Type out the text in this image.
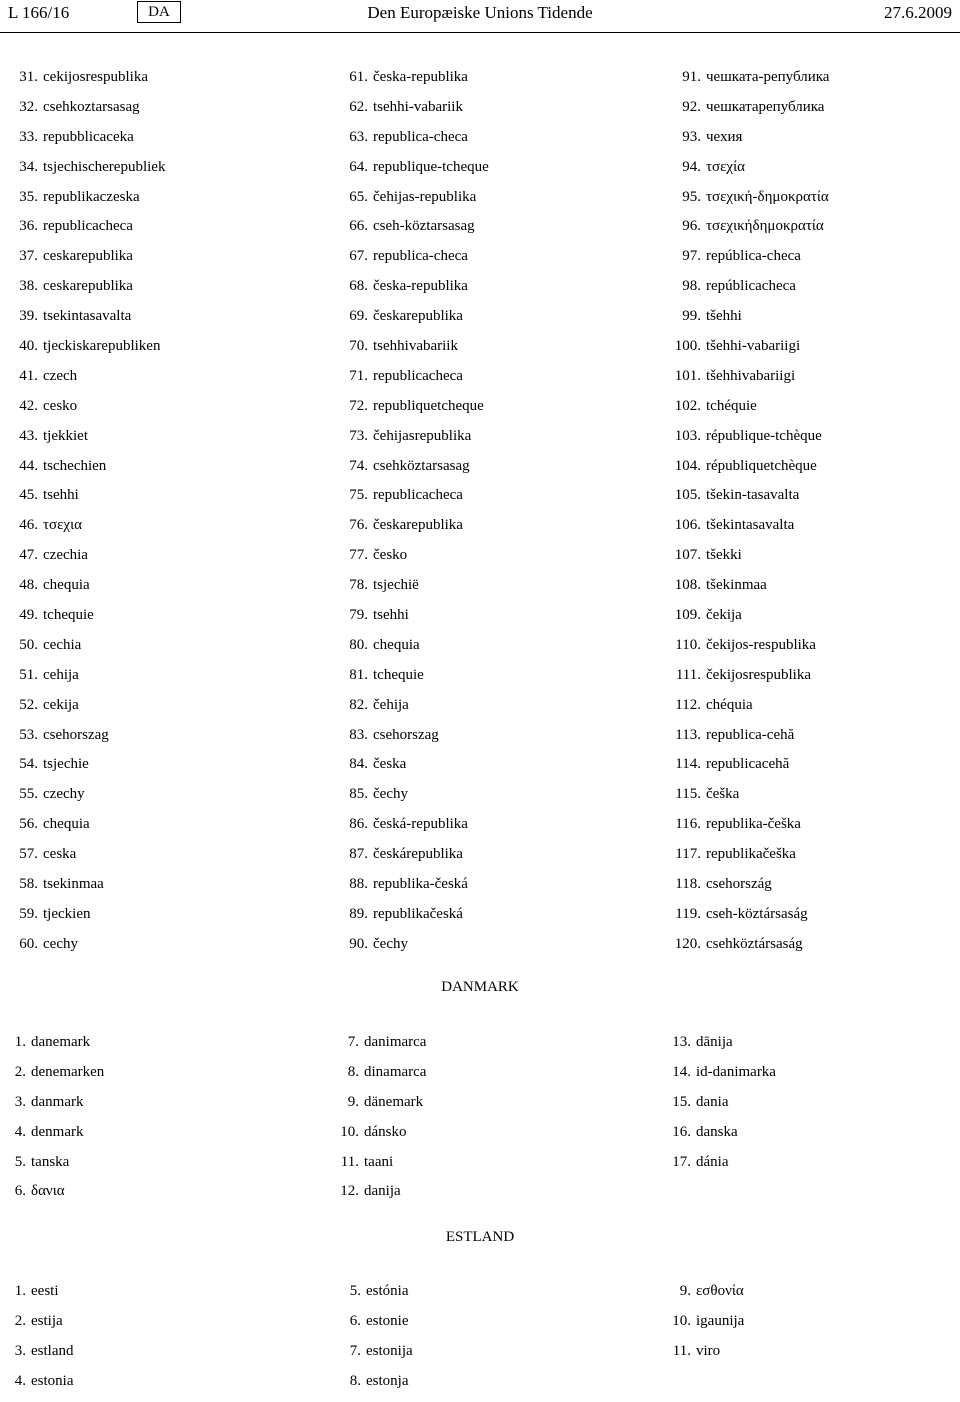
L 166/16	Den Europæiske Unions Tidende
DA	27.6.2009
31. cekijosrespublika
32. csehkoztarsasag
33. repubblicaceka
34. tsjechischerepubliek
35. republikaczeska
36. republicacheca
37. ceskarepublika
38. ceskarepublika
39. tsekintasavalta
40. tjeckiskarepubliken
41. czech
42. cesko
43. tjekkiet
44. tschechien
45. tsehhi
46. τσεχια
47. czechia
48. chequia
49. tchequie
50. cechia
51. cehija
52. cekija
53. csehorszag
54. tsjechie
55. czechy
56. chequia
57. ceska
58. tsekinmaa
59. tjeckien
60. cechy
61. česka-republika
62. tsehhi-vabariik
63. republica-checa
64. republique-tcheque
65. čehijas-republika
66. cseh-köztarsasag
67. republica-checa
68. česka-republika
69. českarepublika
70. tsehhivabariik
71. republicacheca
72. republiquetcheque
73. čehijasrepublika
74. csehköztarsasag
75. republicacheca
76. českarepublika
77. česko
78. tsjechië
79. tsehhi
80. chequia
81. tchequie
82. čehija
83. csehorszag
84. česka
85. čechy
86. česká-republika
87. českárepublika
88. republika-česká
89. republikačeská
90. čechy
91. чешката-република
92. чешкатарепублика
93. чехия
94. τσεχία
95. τσεχική-δημοκρατία
96. τσεχικήδημοκρατία
97. república-checa
98. repúblicacheca
99. tšehhi
100. tšehhi-vabariigi
101. tšehhivabariigi
102. tchéquie
103. république-tchèque
104. républiquetchèque
105. tšekin-tasavalta
106. tšekintasavalta
107. tšekki
108. tšekinmaa
109. čekija
110. čekijos-respublika
111. čekijosrespublika
112. chéquia
113. republica-cehă
114. republicacehă
115. češka
116. republika-češka
117. republikačeška
118. csehország
119. cseh-köztársaság
120. csehköztársaság
DANMARK
1. danemark
2. denemarken
3. danmark
4. denmark
5. tanska
6. δανια
7. danimarca
8. dinamarca
9. dänemark
10. dánsko
11. taani
12. danija
13. dānija
14. id-danimarka
15. dania
16. danska
17. dánia
ESTLAND
1. eesti
2. estija
3. estland
4. estonia
5. estónia
6. estonie
7. estonija
8. estonja
9. εσθονία
10. igaunija
11. viro
